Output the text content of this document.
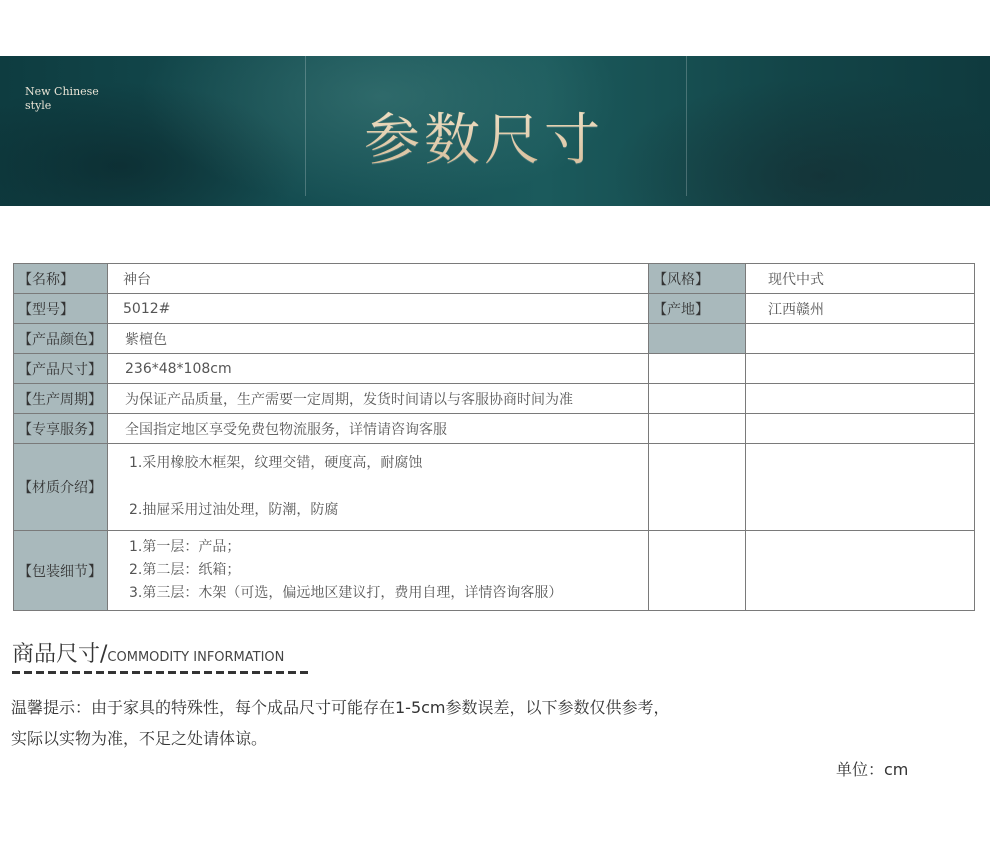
New Chinese style
参数尺寸
【名称】	神台	【风格】	现代中式
【型号】	5012#	【产地】	江西赣州
【产品颜色】	紫檀色		
【产品尺寸】	236*48*108cm		
【生产周期】	为保证产品质量，生产需要一定周期，发货时间请以与客服协商时间为准		
【专享服务】	全国指定地区享受免费包物流服务，详情请咨询客服		
【材质介绍】	1.采用橡胶木框架，纹理交错，硬度高，耐腐蚀

2.抽屉采用过油处理，防潮，防腐		

【包装细节】	1.第一层：产品；

2.第二层：纸箱；

3.第三层：木架（可选，偏远地区建议打，费用自理，详情咨询客服）		

商品尺寸/COMMODITY INFORMATION
温馨提示：由于家具的特殊性，每个成品尺寸可能存在1-5cm参数误差，以下参数仅供参考，
实际以实物为准，不足之处请体谅。
单位：cm
